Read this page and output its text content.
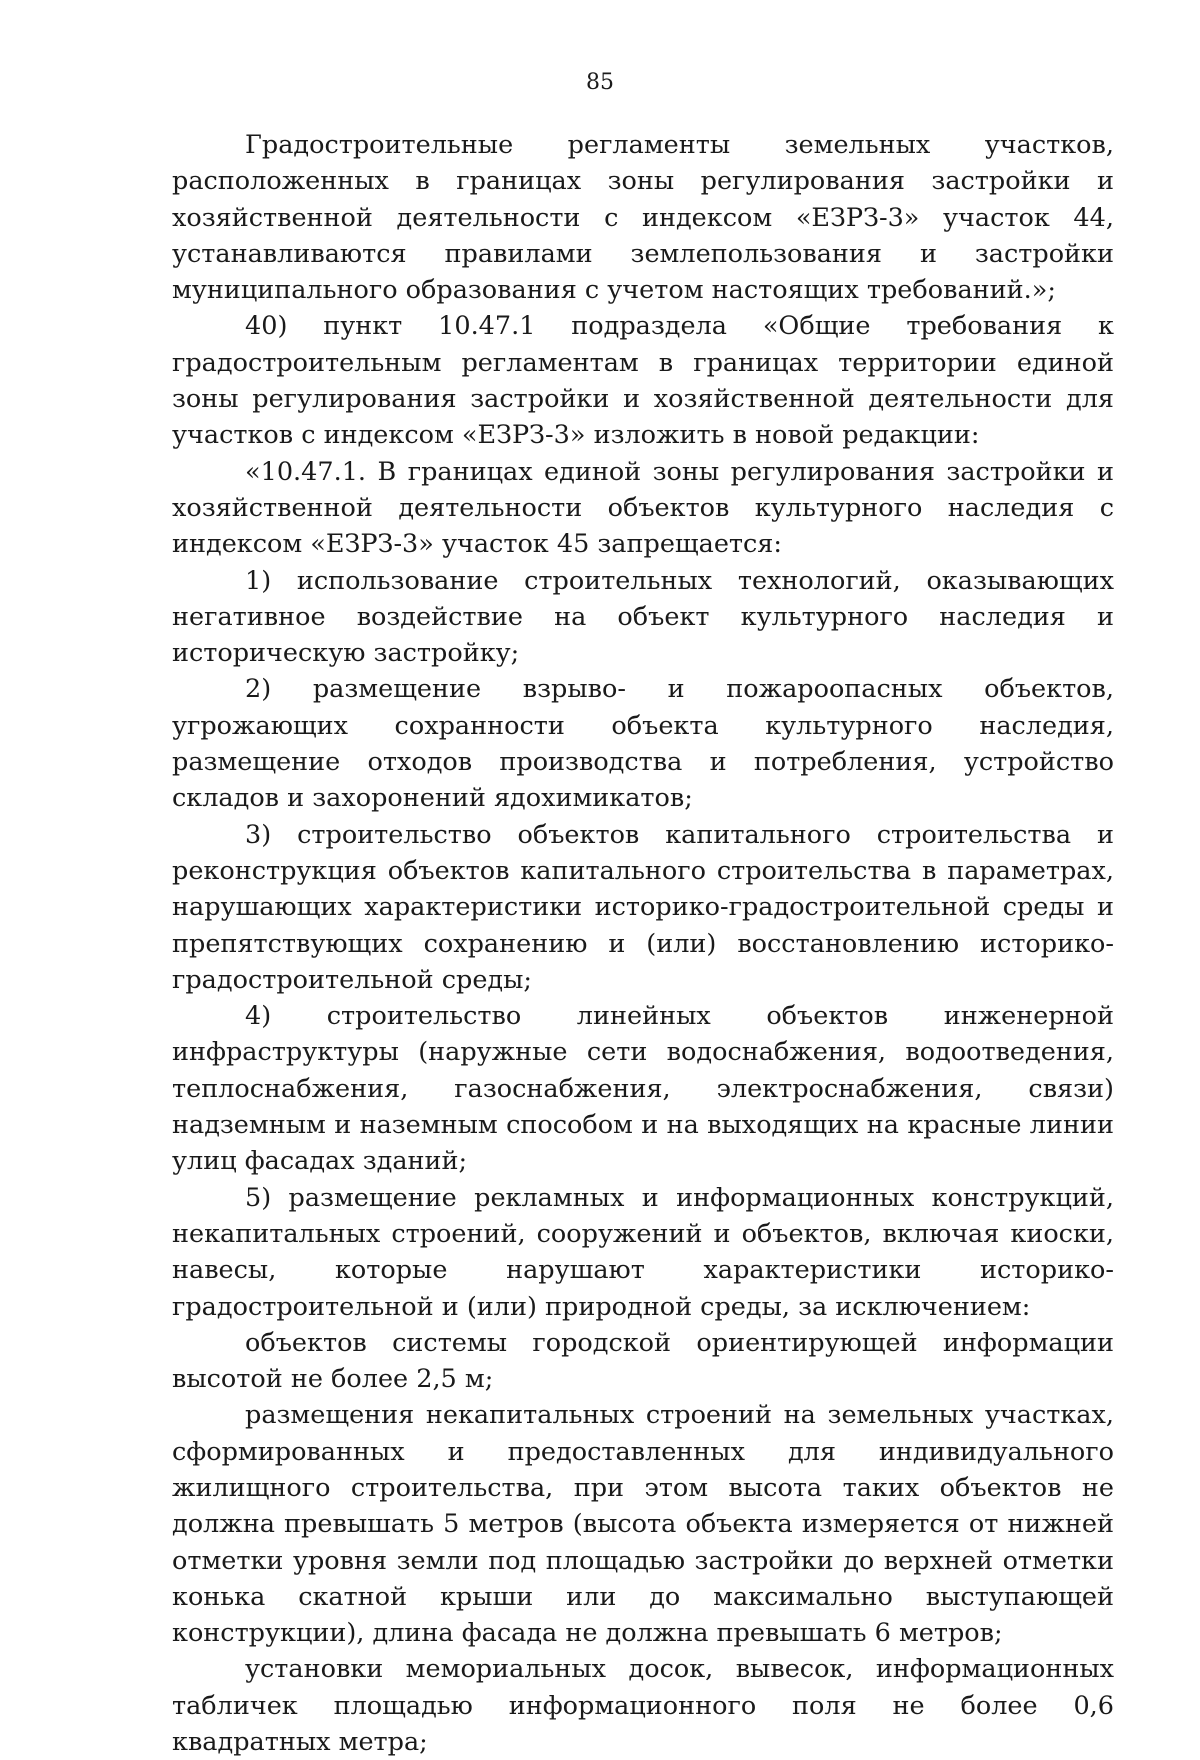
85

Градостроительные регламенты земельных участков, расположенных в границах зоны регулирования застройки и хозяйственной деятельности с индексом «ЕЗРЗ-3» участок 44, устанавливаются правилами землепользования и застройки муниципального образования с учетом настоящих требований.»;

40) пункт 10.47.1 подраздела «Общие требования к градостроительным регламентам в границах территории единой зоны регулирования застройки и хозяйственной деятельности для участков с индексом «ЕЗРЗ-3» изложить в новой редакции:

«10.47.1. В границах единой зоны регулирования застройки и хозяйственной деятельности объектов культурного наследия с индексом «ЕЗРЗ-3» участок 45 запрещается:

1) использование строительных технологий, оказывающих негативное воздействие на объект культурного наследия и историческую застройку;

2) размещение взрыво- и пожароопасных объектов, угрожающих сохранности объекта культурного наследия, размещение отходов производства и потребления, устройство складов и захоронений ядохимикатов;

3) строительство объектов капитального строительства и реконструкция объектов капитального строительства в параметрах, нарушающих характеристики историко-градостроительной среды и препятствующих сохранению и (или) восстановлению историко-градостроительной среды;

4) строительство линейных объектов инженерной инфраструктуры (наружные сети водоснабжения, водоотведения, теплоснабжения, газоснабжения, электроснабжения, связи) надземным и наземным способом и на выходящих на красные линии улиц фасадах зданий;

5) размещение рекламных и информационных конструкций, некапитальных строений, сооружений и объектов, включая киоски, навесы, которые нарушают характеристики историко-градостроительной и (или) природной среды, за исключением:

объектов системы городской ориентирующей информации высотой не более 2,5 м;

размещения некапитальных строений на земельных участках, сформированных и предоставленных для индивидуального жилищного строительства, при этом высота таких объектов не должна превышать 5 метров (высота объекта измеряется от нижней отметки уровня земли под площадью застройки до верхней отметки конька скатной крыши или до максимально выступающей конструкции), длина фасада не должна превышать 6 метров;

установки мемориальных досок, вывесок, информационных табличек площадью информационного поля не более 0,6 квадратных метра;
